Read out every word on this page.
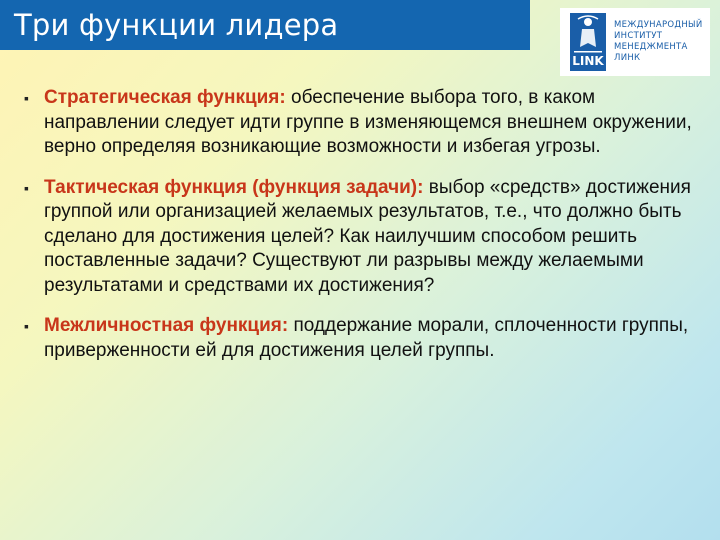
Три функции лидера
LINK
МЕЖДУНАРОДНЫЙ
ИНСТИТУТ
МЕНЕДЖМЕНТА
ЛИНК
▪ Стратегическая функция: обеспечение выбора того, в каком направлении следует идти группе в изменяющемся внешнем окружении, верно определяя возникающие возможности и избегая угрозы.
▪ Тактическая функция (функция задачи): выбор «средств» достижения группой или организацией желаемых результатов, т.е., что должно быть сделано для достижения целей? Как наилучшим способом решить поставленные задачи? Существуют ли разрывы между желаемыми результатами и средствами их достижения?
▪ Межличностная функция: поддержание морали, сплоченности группы, приверженности ей для достижения целей группы.
